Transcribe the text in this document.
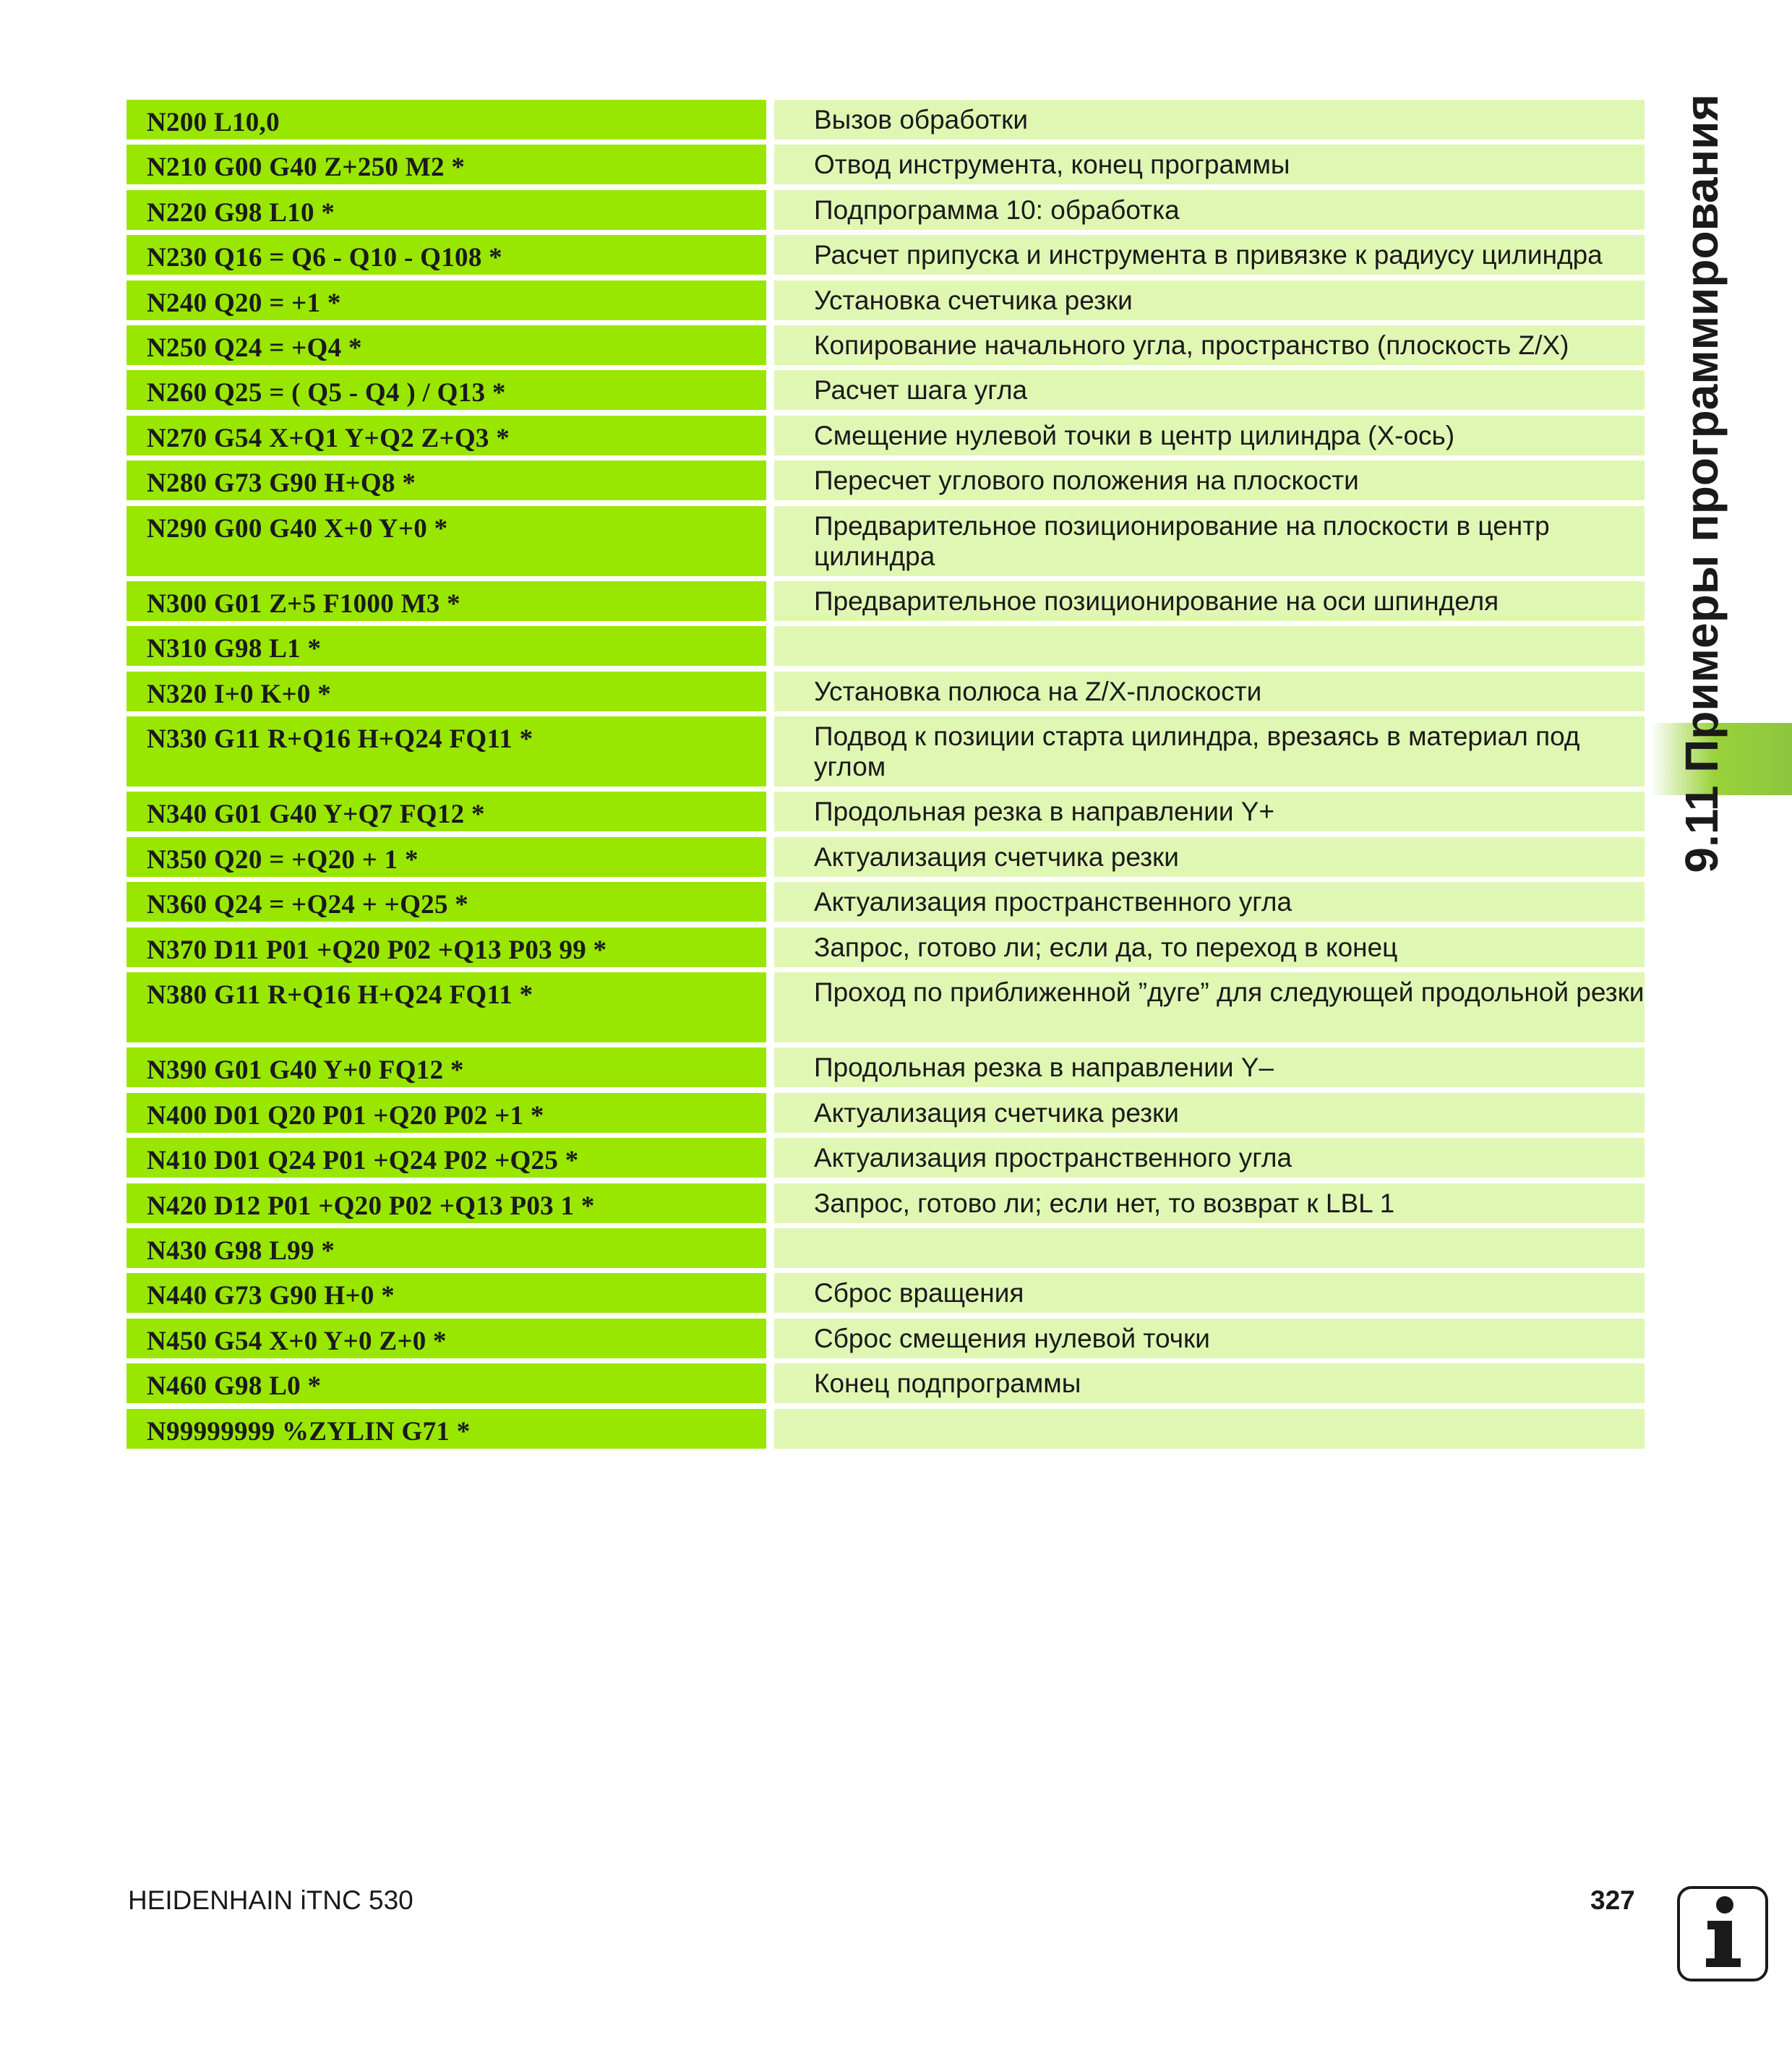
N200 L10,0	Вызов обработки
N210 G00 G40 Z+250 M2 *	Отвод инструмента, конец программы
N220 G98 L10 *	Подпрограмма 10: обработка
N230 Q16 = Q6 - Q10 - Q108 *	Расчет припуска и инструмента в привязке к радиусу цилиндра
N240 Q20 = +1 *	Установка счетчика резки
N250 Q24 = +Q4 *	Копирование начального угла, пространство (плоскость Z/X)
N260 Q25 = ( Q5 - Q4 ) / Q13 *	Расчет шага угла
N270 G54 X+Q1 Y+Q2 Z+Q3 *	Смещение нулевой точки в центр цилиндра (X-ось)
N280 G73 G90 H+Q8 *	Пересчет углового положения на плоскости
N290 G00 G40 X+0 Y+0 *	Предварительное позиционирование на плоскости в центр цилиндра
N300 G01 Z+5 F1000 M3 *	Предварительное позиционирование на оси шпинделя
N310 G98 L1 *
N320 I+0 K+0 *	Установка полюса на Z/X-плоскости
N330 G11 R+Q16 H+Q24 FQ11 *	Подвод к позиции старта цилиндра, врезаясь в материал под углом
N340 G01 G40 Y+Q7 FQ12 *	Продольная резка в направлении Y+
N350 Q20 = +Q20 + 1 *	Актуализация счетчика резки
N360 Q24 = +Q24 + +Q25 *	Актуализация пространственного угла
N370 D11 P01 +Q20 P02 +Q13 P03 99 *	Запрос, готово ли; если да, то переход в конец
N380 G11 R+Q16 H+Q24 FQ11 *	Проход по приближенной ”дуге” для следующей продольной резки
N390 G01 G40 Y+0 FQ12 *	Продольная резка в направлении Y–
N400 D01 Q20 P01 +Q20 P02 +1 *	Актуализация счетчика резки
N410 D01 Q24 P01 +Q24 P02 +Q25 *	Актуализация пространственного угла
N420 D12 P01 +Q20 P02 +Q13 P03 1 *	Запрос, готово ли; если нет, то возврат к LBL 1
N430 G98 L99 *
N440 G73 G90 H+0 *	Сброс вращения
N450 G54 X+0 Y+0 Z+0 *	Сброс смещения нулевой точки
N460 G98 L0 *	Конец подпрограммы
N99999999 %ZYLIN G71 *
9.11 Примеры программирования
HEIDENHAIN iTNC 530	327
